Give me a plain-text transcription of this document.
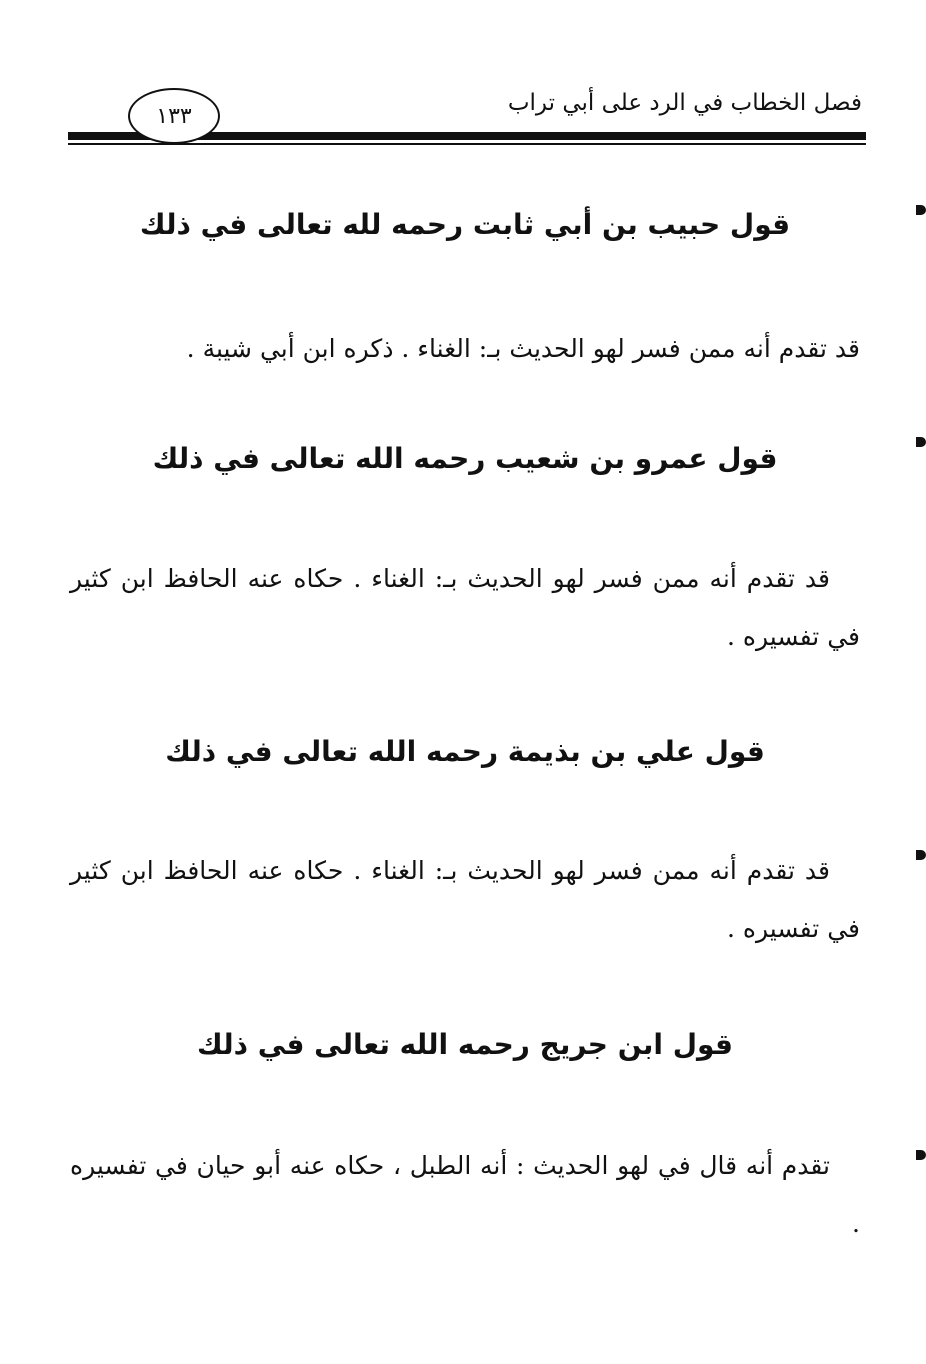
فصل الخطاب في الرد على أبي تراب
١٣٣
قول حبيب بن أبي ثابت رحمه لله تعالى في ذلك
قد تقدم أنه ممن فسر لهو الحديث بـ: الغناء . ذكره ابن أبي شيبة .
قول عمرو بن شعيب رحمه الله تعالى في ذلك
قد تقدم أنه ممن فسر لهو الحديث بـ: الغناء . حكاه عنه الحافظ ابن كثير في تفسيره .
قول علي بن بذيمة رحمه الله تعالى في ذلك
قد تقدم أنه ممن فسر لهو الحديث بـ: الغناء . حكاه عنه الحافظ ابن كثير في تفسيره .
قول ابن جريج رحمه الله تعالى في ذلك
تقدم أنه قال في لهو الحديث : أنه الطبل ، حكاه عنه أبو حيان في تفسيره .
